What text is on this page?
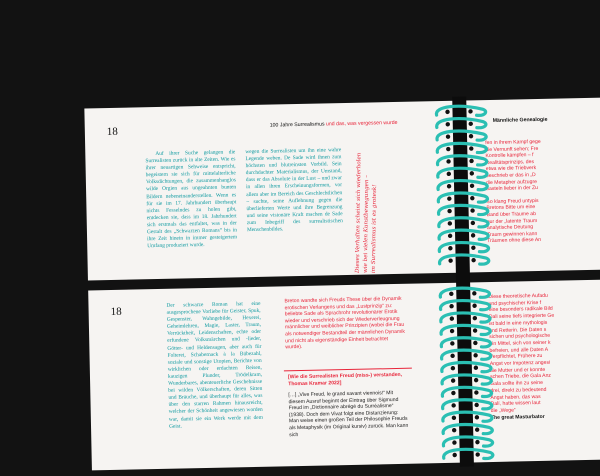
18
100 Jahre Surrealismus und das, was vergessen wurde

Auf ihrer Suche gelangen die Surrealisten zurück in alte Zeiten. Wie es ihrer neuartigen Sehweise entspricht, begeistern sie sich für mittelalterliche Volksdichtungen, die zusammenhanglos wilde Orgien aus ungeahnten bunten Bildern nebeneinanderstellen. Wenn es für sie im 17. Jahrhundert überhaupt nichts Fesselndes zu holen gibt, entdecken sie, dass im 18. Jahrhundert sich erstmals das entfaltet, was in der Gestalt des „Schwarzen Romans“ bis in ihre Zeit hinein in immer gesteigertem Umfang produziert wurde.

wegen die Surrealisten um ihn eine wahre Legende weben. De Sade wird ihnen zum höchsten und blutreinsten Vorbild. Sein durchdachter Materialismus, der Umstand, dass er das Absolute in der Lust – und zwar in allen ihren Erscheinungsformen, vor allem aber im Bereich des Geschlechtlichen – suchte, seine Auflehnung gegen die überlieferten Werte und ihre Begrenzung und seine visionäre Kraft machen de Sade zum Inbegriff des surrealistischen Menschenbildes.	Dieses Verhalten scheint sich wiederholen wie bei vielen Kunstbewegungen – im Surrealismus ist es grotesk!
Männliche Genealogie
fen in ihrem Kampf gege
die Vernunft sehen; Fre
Kontrolle kämpfen – f
Realitätsprinzips, des
etwa wie die Triebverk
beschrieb er das in „D
die Metapher aufzugre
basteln lieber in der Zu
So klang Freud untypis
Bretons Bitte um eine
Band über Träume ab
nur der „latente Traum
analytische Deutung
Traum gewinnen kann
Träumen ohne diese An
18

Der schwarze Roman hat eine ausgesprochene Vorliebe für Geister, Spuk, Gespenster, Wahngebilde, Hexerei, Geheimlehren, Magie, Laster, Traum, Verrücktheit, Leidenschaften, echte oder erfundene Volksmärchen und -lieder, Götter- und Heldensagen, aber auch für Folterei, Schabernack à la Bübezahl, soziale und sonstige Utopien, Berichte von wirklichen oder erdachten Reisen, kauzigen Plunder, Trödelkram, Wunderbares, abenteuerliche Geschehnisse bei wilden Völkerschaften, deren Sitten und Bräuche, und überhaupt für alles, was über den starren Rahmen hinausreicht, welcher der Schönheit angewiesen worden war, damit sie ein Werk werde mit dem Geist.

Breton wandte sich Freuds These über die Dynamik erotischen Verlangens und das „Lustprinzip“ zu: beliebte Sade als Sprachrohr revolutionärer Erotik wieder und verschrieb sich der Wiederverleugnung männlicher und weiblicher Prinzipien (wobei die Frau als notwendiger Bestandteil der männlichen Dynamik und nicht als eigenständige Einheit betrachtet wurde).

[Wie die Surrealisten Freud (miss-) verstanden, Thomas Kramar 2022]

[…] „Vive Freud, le grand savant viennois!“ Mit diesem Ausruf beginnt der Eintrag über Sigmund Freud im „Dictionnaire abrégé du Surréalisme“ (1938). Doch dem Vivat folgt eine Distanzierung: Man weise einen großen Teil der Philosophie Freuds als Metaphysik (im Original kursiv) zurück. Man kann sich

Diese theoretische Aufadu
und psychischer Krise f
eine besonders radikale Bild
Dali seine tiefs integrierte Ge
ist bald in eine mythologis
und Retterin. Die Daten s
sichen und psychologische
ein Mittel, sich von seiner k
befreien, und alle Daten A
Verpflichtet, Frühere zu
Angst vor Impotenz angesi
die Mutter und er konnte
schen Triebe, die Gala Anz
Gala sollte ihn zu seine
drei, direkt zu bedeutend
Angst haben, das was
Dalí, hatte wissen laut
die „Wege“
The great Masturbator
